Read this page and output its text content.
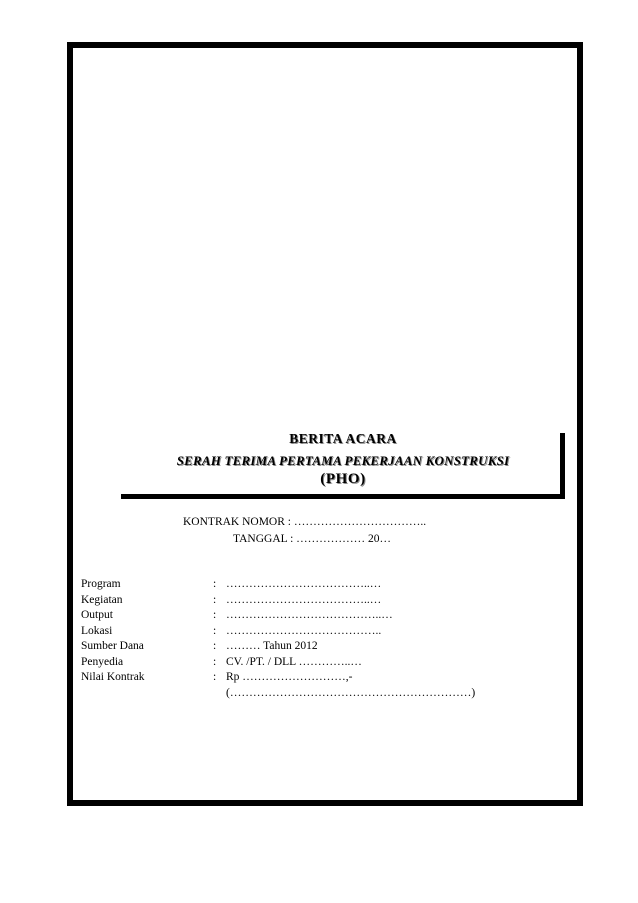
BERITA ACARA
SERAH TERIMA PERTAMA PEKERJAAN KONSTRUKSI
(PHO)
KONTRAK NOMOR : ……………………………..
TANGGAL : ……………… 20…
Program	: ………………………………..…
Kegiatan	: ………………………………..…
Output	: …………………………………..…
Lokasi	: …………………………………..
Sumber Dana	: ……… Tahun 2012
Penyedia	: CV. /PT. / DLL …………..…
Nilai Kontrak	: Rp ………………………,-
(………………………………………………………)
